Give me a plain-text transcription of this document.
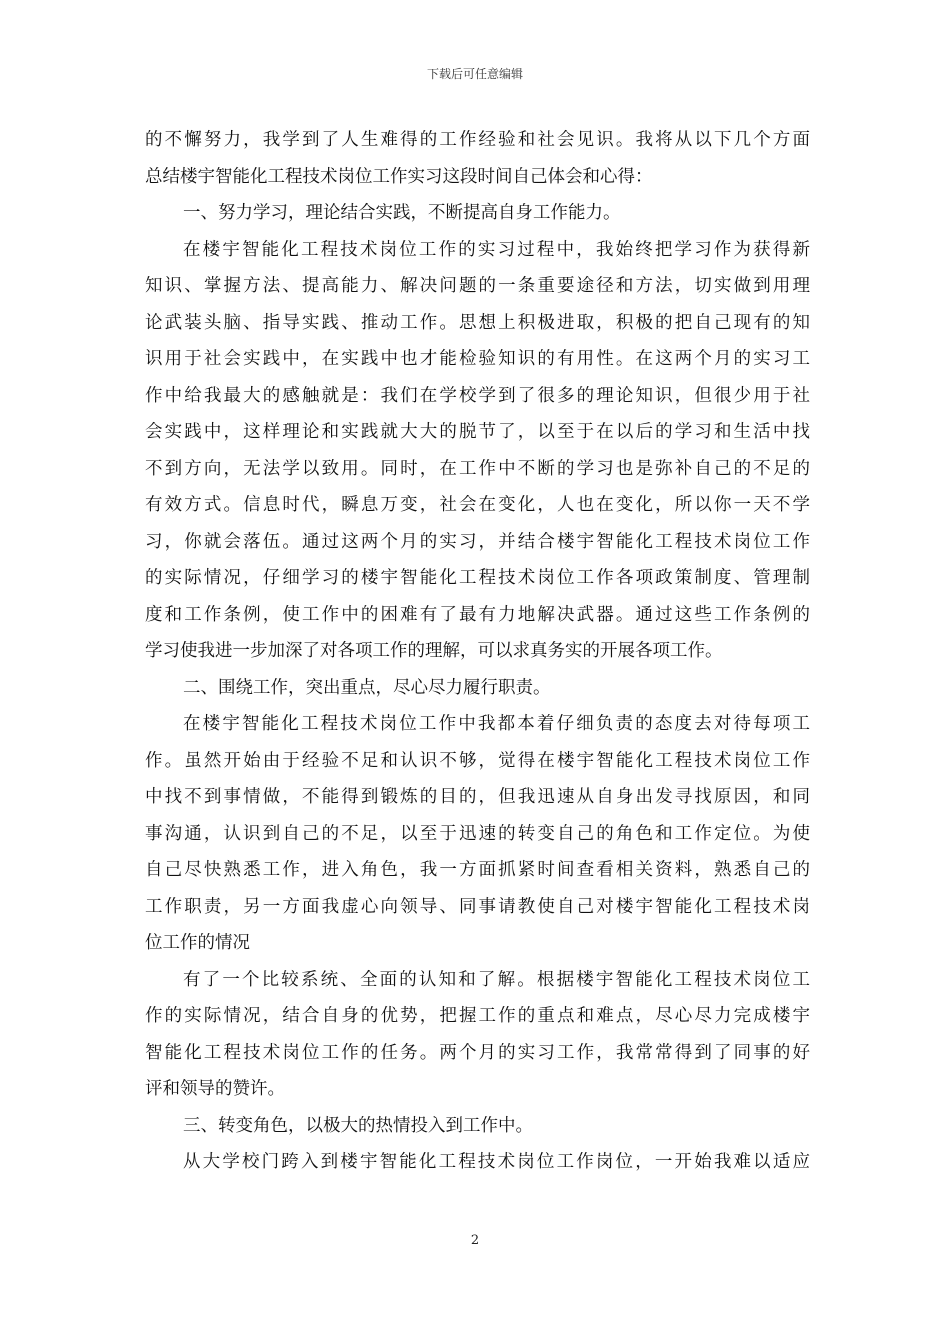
下载后可任意编辑
的不懈努力，我学到了人生难得的工作经验和社会见识。我将从以下几个方面
总结楼宇智能化工程技术岗位工作实习这段时间自己体会和心得：
一、努力学习，理论结合实践，不断提高自身工作能力。
在楼宇智能化工程技术岗位工作的实习过程中，我始终把学习作为获得新
知识、掌握方法、提高能力、解决问题的一条重要途径和方法，切实做到用理
论武装头脑、指导实践、推动工作。思想上积极进取，积极的把自己现有的知
识用于社会实践中，在实践中也才能检验知识的有用性。在这两个月的实习工
作中给我最大的感触就是：我们在学校学到了很多的理论知识，但很少用于社
会实践中，这样理论和实践就大大的脱节了，以至于在以后的学习和生活中找
不到方向，无法学以致用。同时，在工作中不断的学习也是弥补自己的不足的
有效方式。信息时代，瞬息万变，社会在变化，人也在变化，所以你一天不学
习，你就会落伍。通过这两个月的实习，并结合楼宇智能化工程技术岗位工作
的实际情况，仔细学习的楼宇智能化工程技术岗位工作各项政策制度、管理制
度和工作条例，使工作中的困难有了最有力地解决武器。通过这些工作条例的
学习使我进一步加深了对各项工作的理解，可以求真务实的开展各项工作。
二、围绕工作，突出重点，尽心尽力履行职责。
在楼宇智能化工程技术岗位工作中我都本着仔细负责的态度去对待每项工
作。虽然开始由于经验不足和认识不够，觉得在楼宇智能化工程技术岗位工作
中找不到事情做，不能得到锻炼的目的，但我迅速从自身出发寻找原因，和同
事沟通，认识到自己的不足，以至于迅速的转变自己的角色和工作定位。为使
自己尽快熟悉工作，进入角色，我一方面抓紧时间查看相关资料，熟悉自己的
工作职责，另一方面我虚心向领导、同事请教使自己对楼宇智能化工程技术岗
位工作的情况
有了一个比较系统、全面的认知和了解。根据楼宇智能化工程技术岗位工
作的实际情况，结合自身的优势，把握工作的重点和难点，尽心尽力完成楼宇
智能化工程技术岗位工作的任务。两个月的实习工作，我常常得到了同事的好
评和领导的赞许。
三、转变角色，以极大的热情投入到工作中。
从大学校门跨入到楼宇智能化工程技术岗位工作岗位，一开始我难以适应
2
